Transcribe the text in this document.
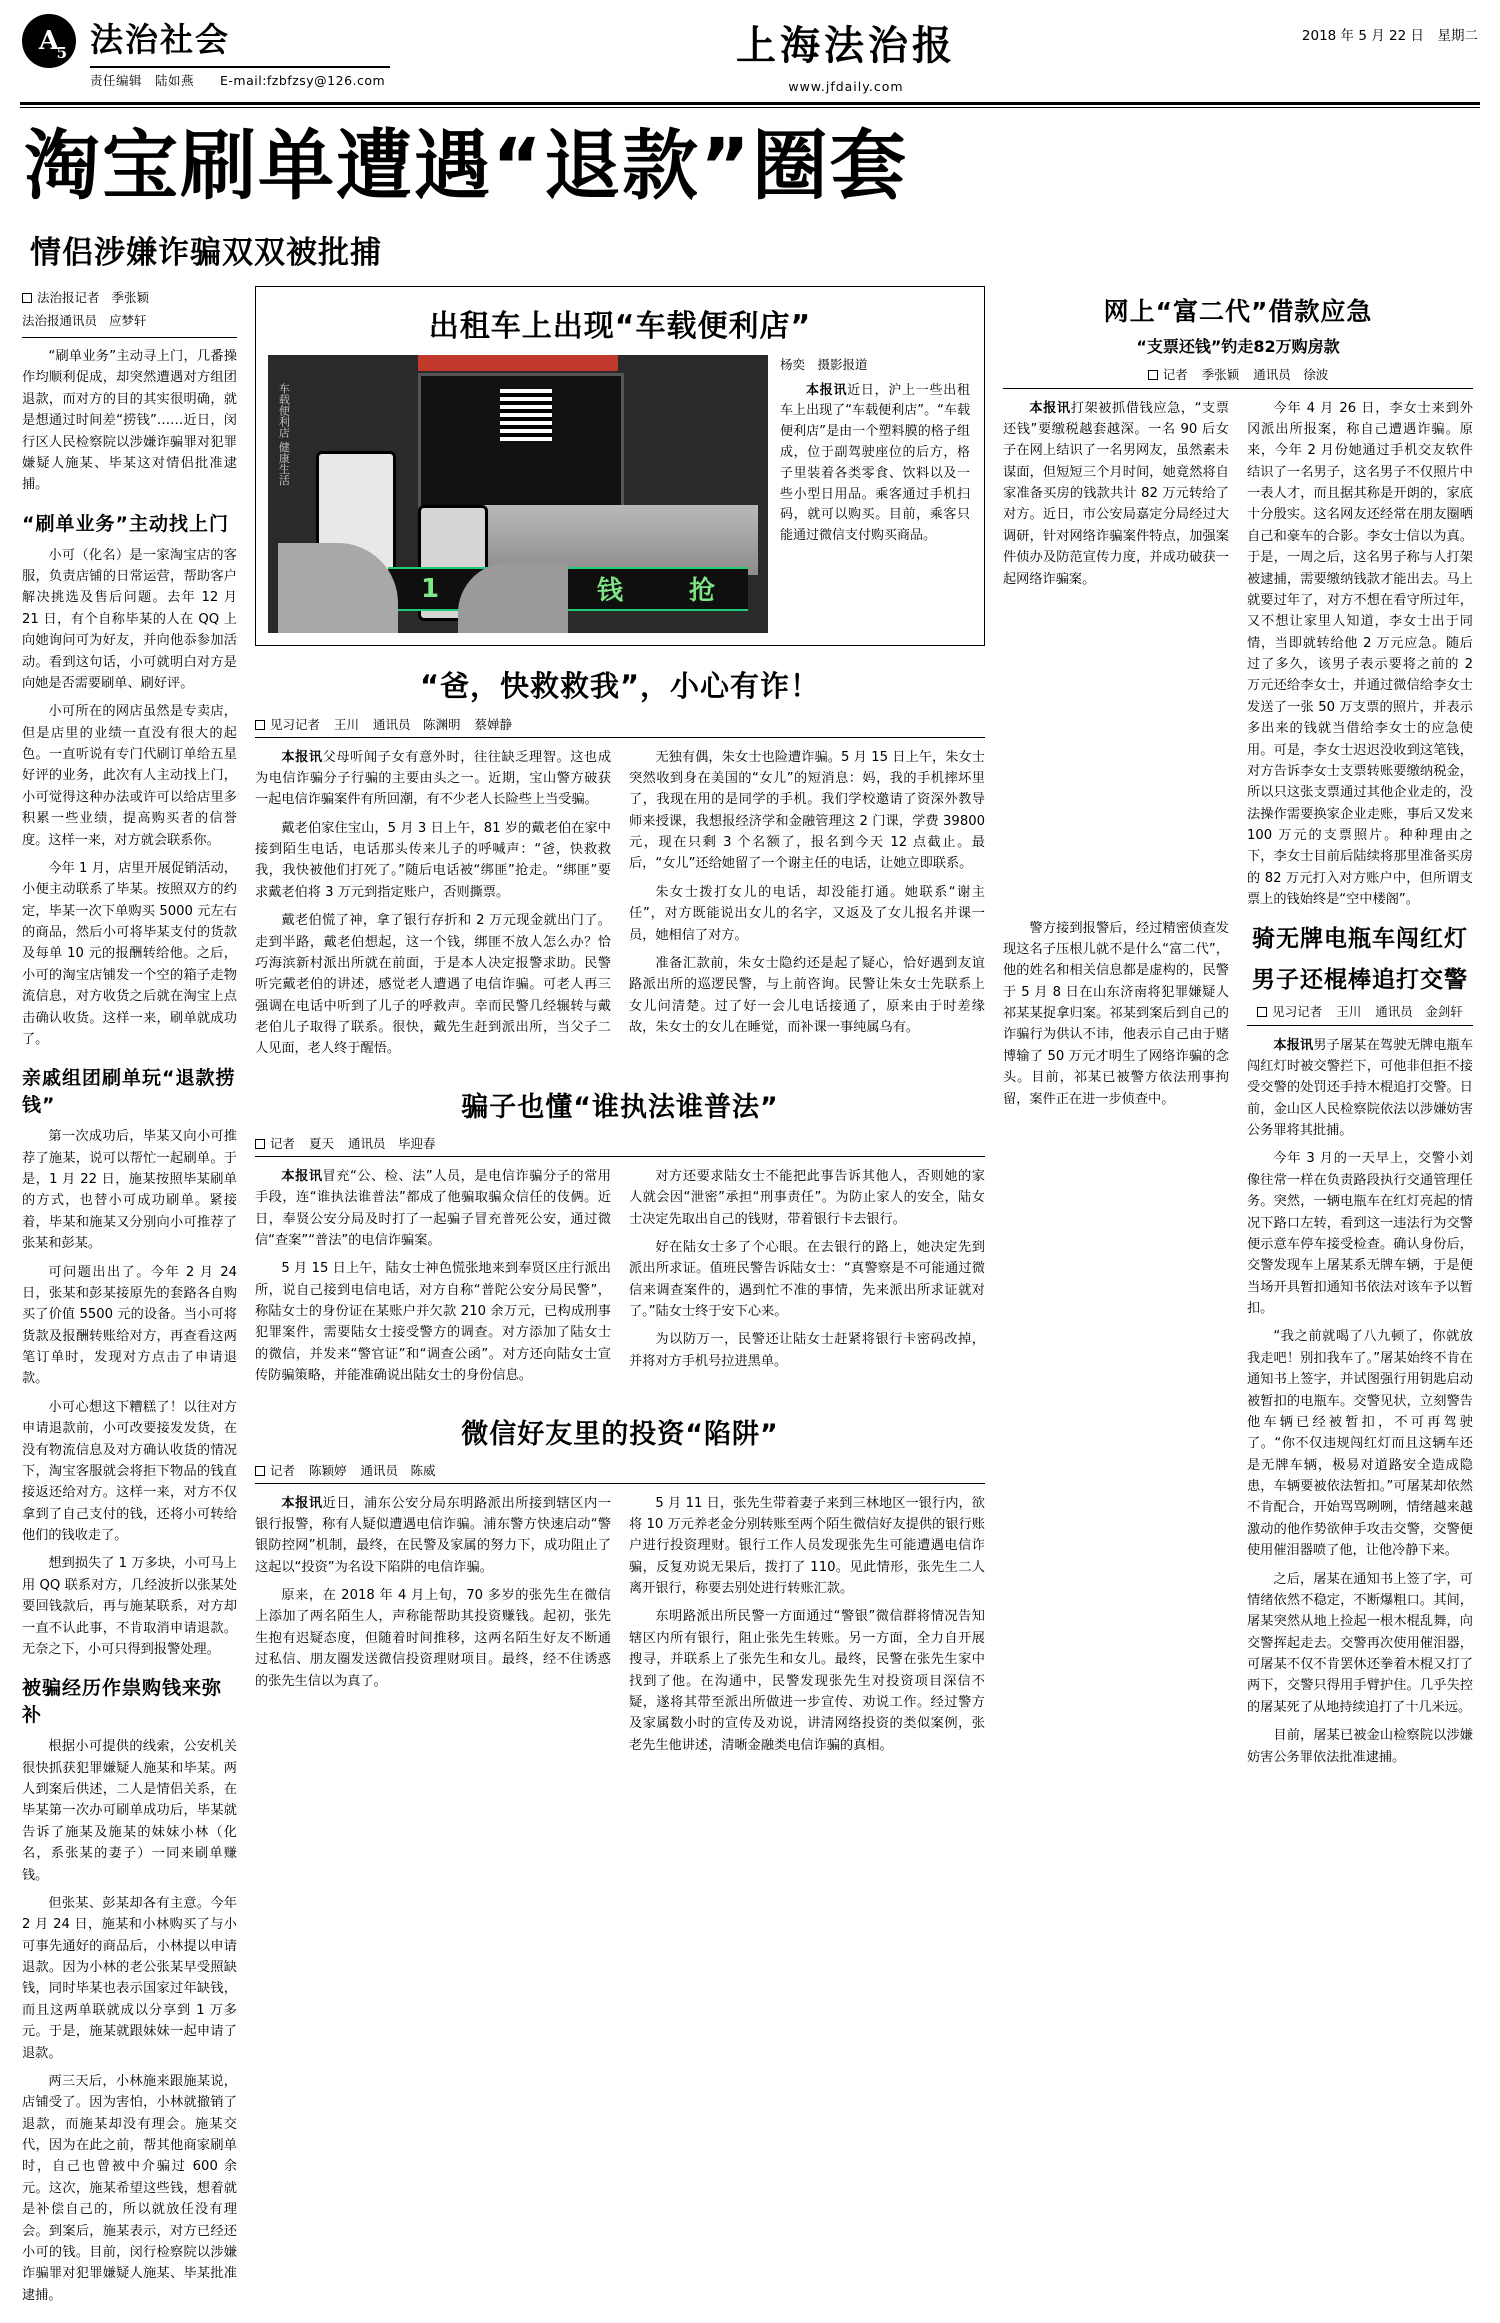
A
5 法治社会
责任编辑　陆如燕　　E-mail:fzbfzsy@126.com
上海法治报
www.jfdaily.com
2018 年 5 月 22 日　星期二
淘宝刷单遭遇“退款”圈套
情侣涉嫌诈骗双双被批捕
法治报记者 季张颖
法治报通讯员 应梦轩

“刷单业务”主动寻上门，几番操作均顺利促成，却突然遭遇对方组团退款，而对方的目的其实很明确，就是想通过时间差“捞钱”……近日，闵行区人民检察院以涉嫌诈骗罪对犯罪嫌疑人施某、毕某这对情侣批准逮捕。

“刷单业务”主动找上门

小可（化名）是一家淘宝店的客服，负责店铺的日常运营，帮助客户解决挑选及售后问题。去年 12 月 21 日，有个自称毕某的人在 QQ 上向她询问可为好友，并向他忝参加活动。看到这句话，小可就明白对方是向她是否需要刷单、刷好评。

小可所在的网店虽然是专卖店，但是店里的业绩一直没有很大的起色。一直听说有专门代刷订单给五星好评的业务，此次有人主动找上门，小可觉得这种办法或许可以给店里多积累一些业绩，提高购买者的信誉度。这样一来，对方就会联系你。

今年 1 月，店里开展促销活动，小便主动联系了毕某。按照双方的约定，毕某一次下单购买 5000 元左右的商品，然后小可将毕某支付的货款及每单 10 元的报酬转给他。之后，小可的淘宝店铺发一个空的箱子走物流信息，对方收货之后就在淘宝上点击确认收货。这样一来，刷单就成功了。

亲戚组团刷单玩“退款捞钱”

第一次成功后，毕某又向小可推荐了施某，说可以帮忙一起刷单。于是，1 月 22 日，施某按照毕某刷单的方式，也替小可成功刷单。紧接着，毕某和施某又分别向小可推荐了张某和彭某。

可问题出出了。今年 2 月 24 日，张某和彭某接原先的套路各自购买了价值 5500 元的设备。当小可将货款及报酬转账给对方，再查看这两笔订单时，发现对方点击了申请退款。

小可心想这下糟糕了！以往对方申请退款前，小可改要接发发货，在没有物流信息及对方确认收货的情况下，淘宝客服就会将拒下物品的钱直接返还给对方。这样一来，对方不仅拿到了自己支付的钱，还将小可转给他们的钱收走了。

想到损失了 1 万多块，小可马上用 QQ 联系对方，几经波折以张某处要回钱款后，再与施某联系，对方却一直不认此事，不肯取消申请退款。无奈之下，小可只得到报警处理。

被骗经历作祟购钱来弥补

根据小可提供的线索，公安机关很快抓获犯罪嫌疑人施某和毕某。两人到案后供述，二人是情侣关系，在毕某第一次办可刷单成功后，毕某就告诉了施某及施某的妹妹小林（化名，系张某的妻子）一同来刷单赚钱。

但张某、彭某却各有主意。今年 2 月 24 日，施某和小林购买了与小可事先通好的商品后，小林提以申请退款。因为小林的老公张某早受照缺钱，同时毕某也表示国家过年缺钱，而且这两单联就成以分享到 1 万多元。于是，施某就跟妹妹一起申请了退款。

两三天后，小林施来跟施某说，店铺受了。因为害怕，小林就撤销了退款，而施某却没有理会。施某交代，因为在此之前，帮其他商家刷单时，自己也曾被中介骗过 600 余元。这次，施某希望这些钱，想着就是补偿自己的，所以就放任没有理会。到案后，施某表示，对方已经还小可的钱。目前，闵行检察院以涉嫌诈骗罪对犯罪嫌疑人施某、毕某批准逮捕。

出租车上出现“车载便利店”
车载便利店 健康生活
1	钱	抢
杨奕　摄影报道

本报讯近日，沪上一些出租车上出现了“车载便利店”。“车载便利店”是由一个塑料膜的格子组成，位于副驾驶座位的后方，格子里装着各类零食、饮料以及一些小型日用品。乘客通过手机扫码，就可以购买。目前，乘客只能通过微信支付购买商品。

“爸，快救救我”，小心有诈！
见习记者 王川 通讯员　陈渊明 蔡婵静

本报讯父母听闻子女有意外时，往往缺乏理智。这也成为电信诈骗分子行骗的主要由头之一。近期，宝山警方破获一起电信诈骗案件有所回潮，有不少老人长险些上当受骗。

戴老伯家住宝山，5 月 3 日上午，81 岁的戴老伯在家中接到陌生电话，电话那头传来儿子的呼喊声：“爸，快救救我，我快被他们打死了。”随后电话被“绑匪”抢走。“绑匪”要求戴老伯将 3 万元到指定账户，否则撕票。

戴老伯慌了神，拿了银行存折和 2 万元现金就出门了。走到半路，戴老伯想起，这一个钱，绑匪不放人怎么办？恰巧海滨新村派出所就在前面，于是本人决定报警求助。民警听完戴老伯的讲述，感觉老人遭遇了电信诈骗。可老人再三强调在电话中听到了儿子的呼救声。幸而民警几经辗转与戴老伯儿子取得了联系。很快，戴先生赶到派出所，当父子二人见面，老人终于醒悟。

无独有偶，朱女士也险遭诈骗。5 月 15 日上午，朱女士突然收到身在美国的“女儿”的短消息：妈，我的手机摔坏里了，我现在用的是同学的手机。我们学校邀请了资深外教导师来授课，我想报经济学和金融管理这 2 门课，学费 39800 元，现在只剩 3 个名额了，报名到今天 12 点截止。最后，“女儿”还给她留了一个谢主任的电话，让她立即联系。

朱女士拨打女儿的电话，却没能打通。她联系“谢主任”，对方既能说出女儿的名字，又返及了女儿报名并课一员，她相信了对方。

准备汇款前，朱女士隐约还是起了疑心，恰好遇到友谊路派出所的巡逻民警，与上前咨询。民警让朱女士先联系上女儿问清楚。过了好一会儿电话接通了，原来由于时差缘故，朱女士的女儿在睡觉，而补课一事纯属乌有。

骗子也懂“谁执法谁普法”
记者 夏天 通讯员　毕迎春

本报讯冒充“公、检、法”人员，是电信诈骗分子的常用手段，连“谁执法谁普法”都成了他骗取骗众信任的伎俩。近日，奉贤公安分局及时打了一起骗子冒充普死公安，通过微信“查案”“普法”的电信诈骗案。

5 月 15 日上午，陆女士神色慌张地来到奉贤区庄行派出所，说自己接到电信电话，对方自称“普陀公安分局民警”，称陆女士的身份证在某账户并欠款 210 余万元，已构成刑事犯罪案件，需要陆女士接受警方的调查。对方添加了陆女士的微信，并发来“警官证”和“调查公函”。对方还向陆女士宣传防骗策略，并能准确说出陆女士的身份信息。

对方还要求陆女士不能把此事告诉其他人，否则她的家人就会因“泄密”承担“刑事责任”。为防止家人的安全，陆女士决定先取出自己的钱财，带着银行卡去银行。

好在陆女士多了个心眼。在去银行的路上，她决定先到派出所求证。值班民警告诉陆女士：“真警察是不可能通过微信来调查案件的，遇到忙不准的事情，先来派出所求证就对了。”陆女士终于安下心来。

为以防万一，民警还让陆女士赶紧将银行卡密码改掉，并将对方手机号拉进黑单。

微信好友里的投资“陷阱”
记者 陈颖婷 通讯员　陈威

本报讯近日，浦东公安分局东明路派出所接到辖区内一银行报警，称有人疑似遭遇电信诈骗。浦东警方快速启动“警银防控网”机制，最终，在民警及家属的努力下，成功阻止了这起以“投资”为名设下陷阱的电信诈骗。

原来，在 2018 年 4 月上旬，70 多岁的张先生在微信上添加了两名陌生人，声称能帮助其投资赚钱。起初，张先生抱有迟疑态度，但随着时间推移，这两名陌生好友不断通过私信、朋友圈发送微信投资理财项目。最终，经不住诱惑的张先生信以为真了。

5 月 11 日，张先生带着妻子来到三林地区一银行内，欲将 10 万元养老金分别转账至两个陌生微信好友提供的银行账户进行投资理财。银行工作人员发现张先生可能遭遇电信诈骗，反复劝说无果后，拨打了 110。见此情形，张先生二人离开银行，称要去别处进行转账汇款。

东明路派出所民警一方面通过“警银”微信群将情况告知辖区内所有银行，阻止张先生转账。另一方面，全力自开展搜寻，并联系上了张先生和女儿。最终，民警在张先生家中找到了他。在沟通中，民警发现张先生对投资项目深信不疑，遂将其带至派出所做进一步宣传、劝说工作。经过警方及家属数小时的宣传及劝说，讲清网络投资的类似案例，张老先生他讲述，清晰金融类电信诈骗的真相。

网上“富二代”借款应急
“支票还钱”钓走82万购房款
记者 季张颖 通讯员　徐波

本报讯打架被抓借钱应急，“支票还钱”要缴税越套越深。一名 90 后女子在网上结识了一名男网友，虽然素未谋面，但短短三个月时间，她竟然将自家准备买房的钱款共计 82 万元转给了对方。近日，市公安局嘉定分局经过大调研，针对网络诈骗案件特点，加强案件侦办及防范宣传力度，并成功破获一起网络诈骗案。

今年 4 月 26 日，李女士来到外冈派出所报案，称自己遭遇诈骗。原来，今年 2 月份她通过手机交友软件结识了一名男子，这名男子不仅照片中一表人才，而且据其称是开朗的，家底十分殷实。这名网友还经常在朋友圈晒自己和豪车的合影。李女士信以为真。于是，一周之后，这名男子称与人打架被逮捕，需要缴纳钱款才能出去。马上就要过年了，对方不想在看守所过年，又不想让家里人知道，李女士出于同情，当即就转给他 2 万元应急。随后过了多久，该男子表示要将之前的 2 万元还给李女士，并通过微信给李女士发送了一张 50 万支票的照片，并表示多出来的钱就当借给李女士的应急使用。可是，李女士迟迟没收到这笔钱，对方告诉李女士支票转账要缴纳税金，所以只这张支票通过其他企业走的，没法操作需要换家企业走账，事后又发来 100 万元的支票照片。种种理由之下，李女士目前后陆续将那里准备买房的 82 万元打入对方账户中，但所谓支票上的钱始终是“空中楼阁”。

警方接到报警后，经过精密侦查发现这名子压根儿就不是什么“富二代”，他的姓名和相关信息都是虚构的，民警于 5 月 8 日在山东济南将犯罪嫌疑人祁某某捉拿归案。祁某到案后到自己的诈骗行为供认不讳，他表示自己由于赌博输了 50 万元才明生了网络诈骗的念头。目前，祁某已被警方依法刑事拘留，案件正在进一步侦查中。

骑无牌电瓶车闯红灯
男子还棍棒追打交警
见习记者 王川 通讯员　金剑轩

本报讯男子屠某在驾驶无牌电瓶车闯红灯时被交警拦下，可他非但拒不接受交警的处罚还手持木棍追打交警。日前，金山区人民检察院依法以涉嫌妨害公务罪将其批捕。

今年 3 月的一天早上，交警小刘像往常一样在负责路段执行交通管理任务。突然，一辆电瓶车在红灯亮起的情况下路口左转，看到这一违法行为交警便示意车停车接受检查。确认身份后，交警发现车上屠某系无牌车辆，于是便当场开具暂扣通知书依法对该车予以暂扣。

“我之前就喝了八九顿了，你就放我走吧！别扣我车了。”屠某始终不肯在通知书上签字，并试图强行用钥匙启动被暂扣的电瓶车。交警见状，立刻警告他车辆已经被暂扣，不可再驾驶了。“你不仅违规闯红灯而且这辆车还是无牌车辆，极易对道路安全造成隐患，车辆要被依法暂扣。”可屠某却依然不肯配合，开始骂骂咧咧，情绪越来越激动的他作势欲伸手攻击交警，交警便使用催泪器喷了他，让他冷静下来。

之后，屠某在通知书上签了字，可情绪依然不稳定，不断爆粗口。其间，屠某突然从地上捡起一根木棍乱舞，向交警挥起走去。交警再次使用催泪器，可屠某不仅不肯罢休还拳着木棍又打了两下，交警只得用手臂护住。几乎失控的屠某死了从地持续追打了十几米远。

目前，屠某已被金山检察院以涉嫌妨害公务罪依法批准逮捕。
